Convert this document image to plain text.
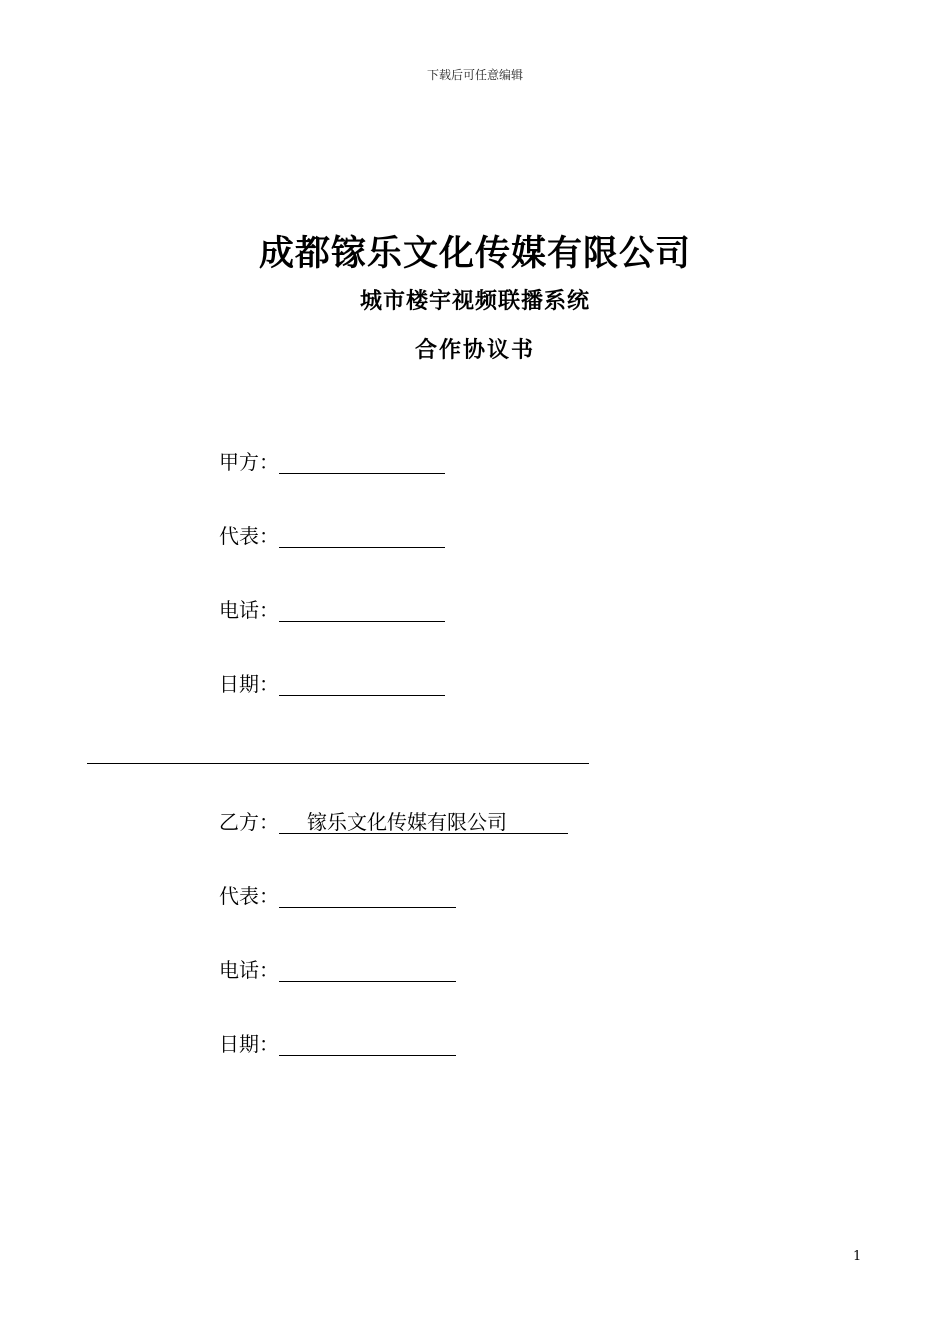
下载后可任意编辑
成都镓乐文化传媒有限公司
城市楼宇视频联播系统
合作协议书
甲方：
代表：
电话：
日期：
乙方：	镓乐文化传媒有限公司
代表：
电话：
日期：
1
